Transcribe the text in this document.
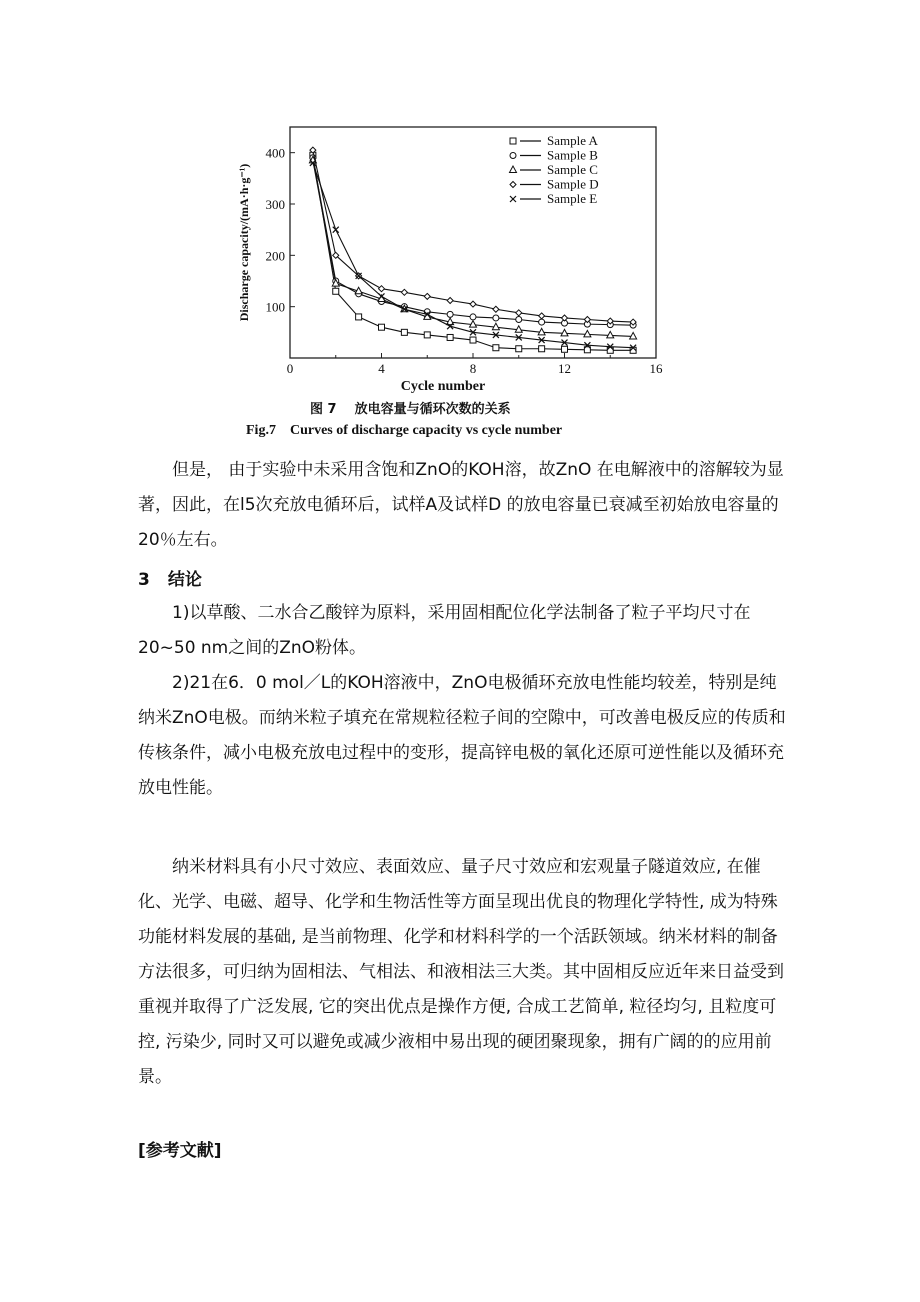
0	4	8	12	16
100
200
300
400
Cycle number
Discharge capacity/(mA·h·g⁻¹)
Sample A
Sample B
Sample C
Sample D
Sample E
图 7 放电容量与循环次数的关系
Fig.7 Curves of discharge capacity vs cycle number

但是， 由于实验中未采用含饱和ZnO的KOH溶，故ZnO 在电解液中的溶解较为显著，因此，在l5次充放电循环后，试样A及试样D 的放电容量已衰减至初始放电容量的20％左右。

3 结论

1)以草酸、二水合乙酸锌为原料，采用固相配位化学法制备了粒子平均尺寸在20~50 nm之间的ZnO粉体。

2)21在6．0 mol／L的KOH溶液中，ZnO电极循环充放电性能均较差，特别是纯纳米ZnO电极。而纳米粒子填充在常规粒径粒子间的空隙中，可改善电极反应的传质和传核条件，减小电极充放电过程中的变形，提高锌电极的氧化还原可逆性能以及循环充放电性能。

纳米材料具有小尺寸效应、表面效应、量子尺寸效应和宏观量子隧道效应, 在催化、光学、电磁、超导、化学和生物活性等方面呈现出优良的物理化学特性, 成为特殊功能材料发展的基础, 是当前物理、化学和材料科学的一个活跃领域。纳米材料的制备方法很多，可归纳为固相法、气相法、和液相法三大类。其中固相反应近年来日益受到重视并取得了广泛发展, 它的突出优点是操作方便, 合成工艺简单, 粒径均匀, 且粒度可控, 污染少, 同时又可以避免或减少液相中易出现的硬团聚现象，拥有广阔的的应用前景。

[参考文献]
